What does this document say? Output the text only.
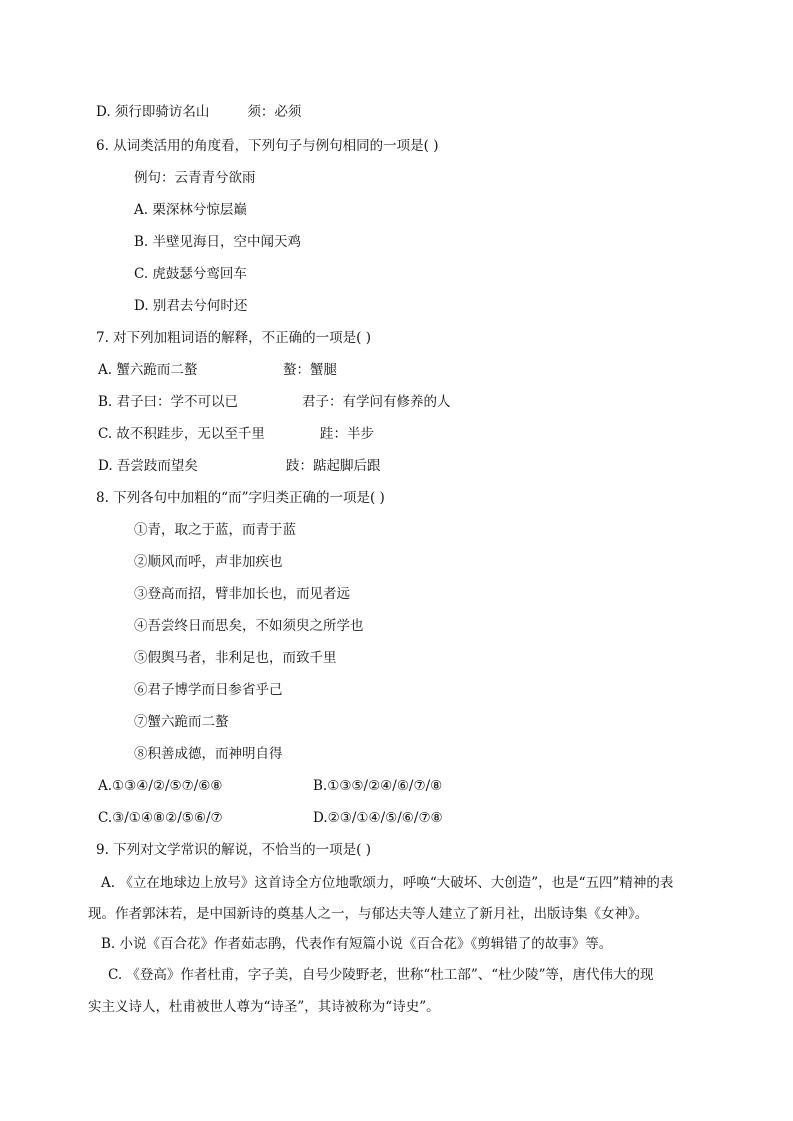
D. 须行即骑访名山	须：必须
6. 从词类活用的角度看，下列句子与例句相同的一项是( )
例句：云青青兮欲雨
A. 栗深林兮惊层巅
B. 半壁见海日，空中闻天鸡
C. 虎鼓瑟兮鸾回车
D. 别君去兮何时还
7. 对下列加粗词语的解释，不正确的一项是( )
A. 蟹六跪而二螯	螯：蟹腿
B. 君子曰：学不可以已	君子：有学问有修养的人
C. 故不积跬步，无以至千里	跬：半步
D. 吾尝跂而望矣	跂：踮起脚后跟
8. 下列各句中加粗的“而”字归类正确的一项是( )
①青，取之于蓝，而青于蓝
②顺风而呼，声非加疾也
③登高而招，臂非加长也，而见者远
④吾尝终日而思矣，不如须臾之所学也
⑤假舆马者，非利足也，而致千里
⑥君子博学而日参省乎己
⑦蟹六跪而二螯
⑧积善成德，而神明自得
A.①③④/②/⑤⑦/⑥⑧	B.①③⑤/②④/⑥/⑦/⑧
C.③/①④⑧②/⑤⑥/⑦	D.②③/①④/⑤/⑥/⑦⑧
9. 下列对文学常识的解说，不恰当的一项是( )
A. 《立在地球边上放号》这首诗全方位地歌颂力，呼唤“大破坏、大创造”，也是“五四”精神的表
现。作者郭沫若，是中国新诗的奠基人之一，与郁达夫等人建立了新月社，出版诗集《女神》。
B. 小说《百合花》作者茹志鹃，代表作有短篇小说《百合花》《剪辑错了的故事》等。
C. 《登高》作者杜甫，字子美，自号少陵野老，世称“杜工部”、“杜少陵”等，唐代伟大的现
实主义诗人，杜甫被世人尊为“诗圣”，其诗被称为“诗史”。
